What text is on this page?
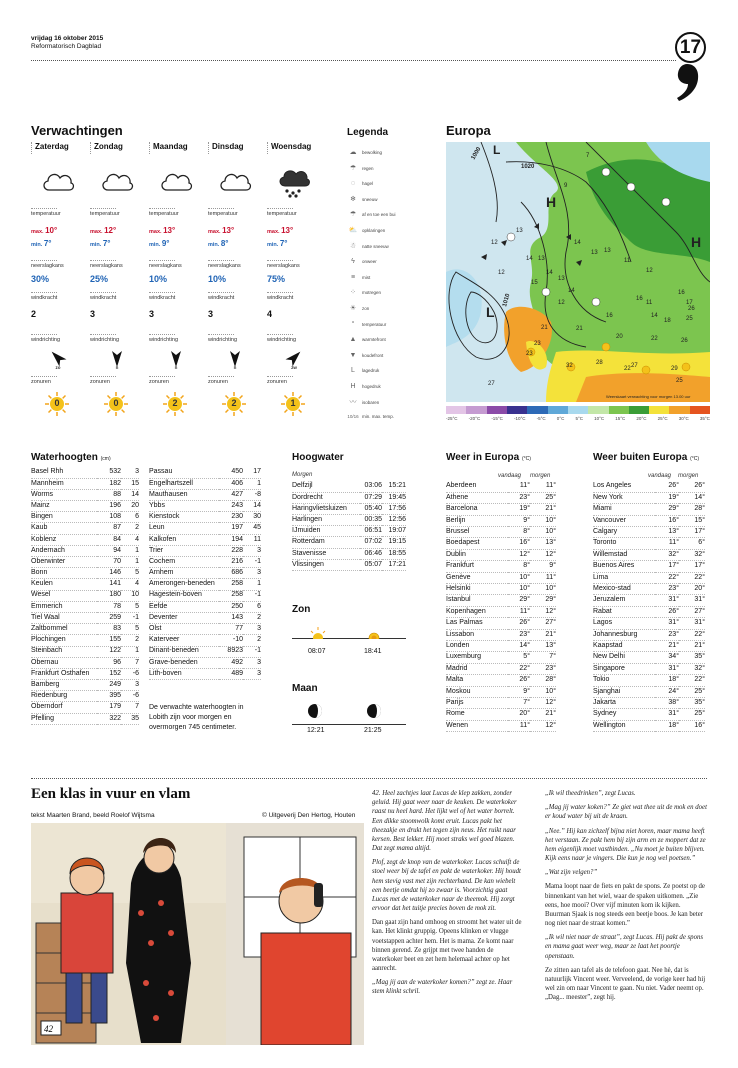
vrijdag 16 oktober 2015
Reformatorisch Dagblad	17
Verwachtingen
Zaterdag
temperatuur
max. 10°
min. 7°
neerslagkans
30%
windkracht
2
windrichting
zo
zonuren
0
Zondag
temperatuur
max. 12°
min. 7°
neerslagkans
25%
windkracht
3
windrichting
n
zonuren
0
Maandag
temperatuur
max. 13°
min. 9°
neerslagkans
10%
windkracht
3
windrichting
n
zonuren
2
Dinsdag
temperatuur
max. 13°
min. 8°
neerslagkans
10%
windkracht
3
windrichting
n
zonuren
2
Woensdag
temperatuur
max. 13°
min. 7°
neerslagkans
75%
windkracht
4
windrichting
zw
zonuren
1
Legenda
☁ bewolking
☂ regen
◌ hagel
❄ sneeuw
☂ af en toe een bui
⛅ opklaringen
☃ natte sneeuw
ϟ onweer
≡ mist
⁘ motregen
☀ zon
° temperatuur
▲ warmtefront
▼ koudefront
L lagedruk
H hogedruk
〰 isobaren
10/16 min. max. temp.
Europa
L
H
L
H
1000
1020
1010
12
13
9
7
12
14 13
14
14
13 13
11
12
15
13
14
16
11
14
21
12
16
17
18
21
20
27
23
23
25
22
26
32	28
29
22
25
16
26
27
Weerskaart verwachting voor morgen 13.00 uur
-25°C -20°C -15°C -10°C -5°C 0°C 5°C 10°C 15°C 20°C 25°C 30°C 35°C
Waterhoogten (cm)
Basel Rhh	532	3
Mannheim	182	15
Worms	88	14
Mainz	196	20
Bingen	108	6
Kaub	87	2
Koblenz	84	4
Andernach	94	1
Oberwinter	70	1
Bonn	146	5
Keulen	141	4
Wesel	180	10
Emmerich	78	5
Tiel Waal	259	-1
Zaltbommel	83	5
Plochingen	155	2
Steinbach	122	1
Obernau	96	7
Frankfurt Osthafen	152	-6
Bamberg	249	3
Riedenburg	395	-6
Oberndorf	179	7
Pfelling	322	35
Passau	450	17
Engelhartszell	406	1
Mauthausen	427	-8
Ybbs	243	14
Kienstock	230	30
Leun	197	45
Kalkofen	194	11
Trier	228	3
Cochem	216	-1
Arnhem	686	3
Amerongen-beneden	258	1
Hagestein-boven	258	-1
Eefde	250	6
Deventer	143	2
Olst	77	3
Katerveer	-10	2
Dinant-beneden	8923	-1
Grave-beneden	492	3
Lith-boven	489	3
De verwachte waterhoogten in Lobith zijn voor morgen en overmorgen 745 centimeter.
Hoogwater
Morgen
Delfzijl	03:06	15:21
Dordrecht	07:29	19:45
Haringvlietsluizen	05:40	17:56
Harlingen	00:35	12:56
IJmuiden	06:51	19:07
Rotterdam	07:02	19:15
Stavenisse	06:46	18:55
Vlissingen	05:07	17:21
Zon
08:07	18:41
Maan
12:21	21:25
Weer in Europa (°C)
vandaag morgen
Aberdeen	11°	11°
Athene	23°	25°
Barcelona	19°	21°
Berlijn	9°	10°
Brussel	8°	10°
Boedapest	16°	13°
Dublin	12°	12°
Frankfurt	8°	9°
Genève	10°	11°
Helsinki	10°	10°
Istanbul	29°	29°
Kopenhagen	11°	12°
Las Palmas	26°	27°
Lissabon	23°	21°
Londen	14°	13°
Luxemburg	5°	7°
Madrid	22°	23°
Malta	26°	28°
Moskou	9°	10°
Parijs	7°	12°
Rome	20°	21°
Wenen	11°	12°
Weer buiten Europa (°C)
vandaag morgen
Los Angeles	26°	26°
New York	19°	14°
Miami	29°	28°
Vancouver	16°	15°
Calgary	13°	17°
Toronto	11°	6°
Willemstad	32°	32°
Buenos Aires	17°	17°
Lima	22°	22°
Mexico-stad	23°	20°
Jeruzalem	31°	31°
Rabat	26°	27°
Lagos	31°	31°
Johannesburg	23°	22°
Kaapstad	21°	21°
New Delhi	34°	35°
Singapore	31°	32°
Tokio	18°	22°
Sjanghai	24°	25°
Jakarta	38°	35°
Sydney	31°	25°
Wellington	18°	16°
Een klas in vuur en vlam
tekst Maarten Brand, beeld Roelof Wijtsma	© Uitgeverij Den Hertog, Houten
42

42. Heel zachtjes laat Lucas de klep zakken, zonder geluid. Hij gaat weer naar de keuken. De waterkoker raast nu heel hard. Het lijkt wel of het water borrelt. Een dikke stoomwolk komt eruit. Lucas pakt het theezakje en drukt het tegen zijn neus. Het ruikt naar kersen. Best lekker. Hij moet straks wel goed blazen. Dat zegt mama altijd.

Plof, zegt de knop van de waterkoker. Lucas schuift de stoel weer bij de tafel en pakt de waterkoker. Hij houdt hem stevig vast met zijn rechterhand. De kan wiebelt een beetje omdat hij zo zwaar is. Voorzichtig gaat Lucas met de waterkoker naar de theemok. Hij zorgt ervoor dat het tuitje precies boven de mok zit.

Dan gaat zijn hand omhoog en stroomt het water uit de kan. Het klinkt gruppig. Opeens klinken er vlugge voetstappen achter hem. Het is mama. Ze komt naar binnen gerend. Ze grijpt met twee handen de waterkoker beet en zet hem helemaal achter op het aanrecht.

„Mag jij aan de waterkoker komen?” zegt ze. Haar stem klinkt schril.

„Ik wil theedrinken”, zegt Lucas.

„Mag jij water koken?” Ze giet wat thee uit de mok en doet er koud water bij uit de kraan.

„Nee.” Hij kan zichzelf bijna niet horen, maar mama heeft het verstaan. Ze pakt hem bij zijn arm en ze moppert dat ze hem eigenlijk moet vastbinden. „Nu moet je buiten blijven. Kijk eens naar je vingers. Die kun je nog wel poetsen.”

„Wat zijn velgen?”

Mama loopt naar de fiets en pakt de spons. Ze poetst op de binnenkant van het wiel, waar de spaken uitkomen. „Zie eens, hoe mooi? Over vijf minuten kom ik kijken. Buurman Sjaak is nog steeds een beetje boos. Je kan beter nog niet naar de straat komen.”

„Ik wil niet naar de straat”, zegt Lucas. Hij pakt de spons en mama gaat weer weg, maar ze laat het poortje openstaan.

Ze zitten aan tafel als de telefoon gaat. Nee hè, dat is natuurlijk Vincent weer. Verveelend, de vorige keer had hij wel zin om naar Vincent te gaan. Nu niet. Vader neemt op. „Dag... meester”, zegt hij.
